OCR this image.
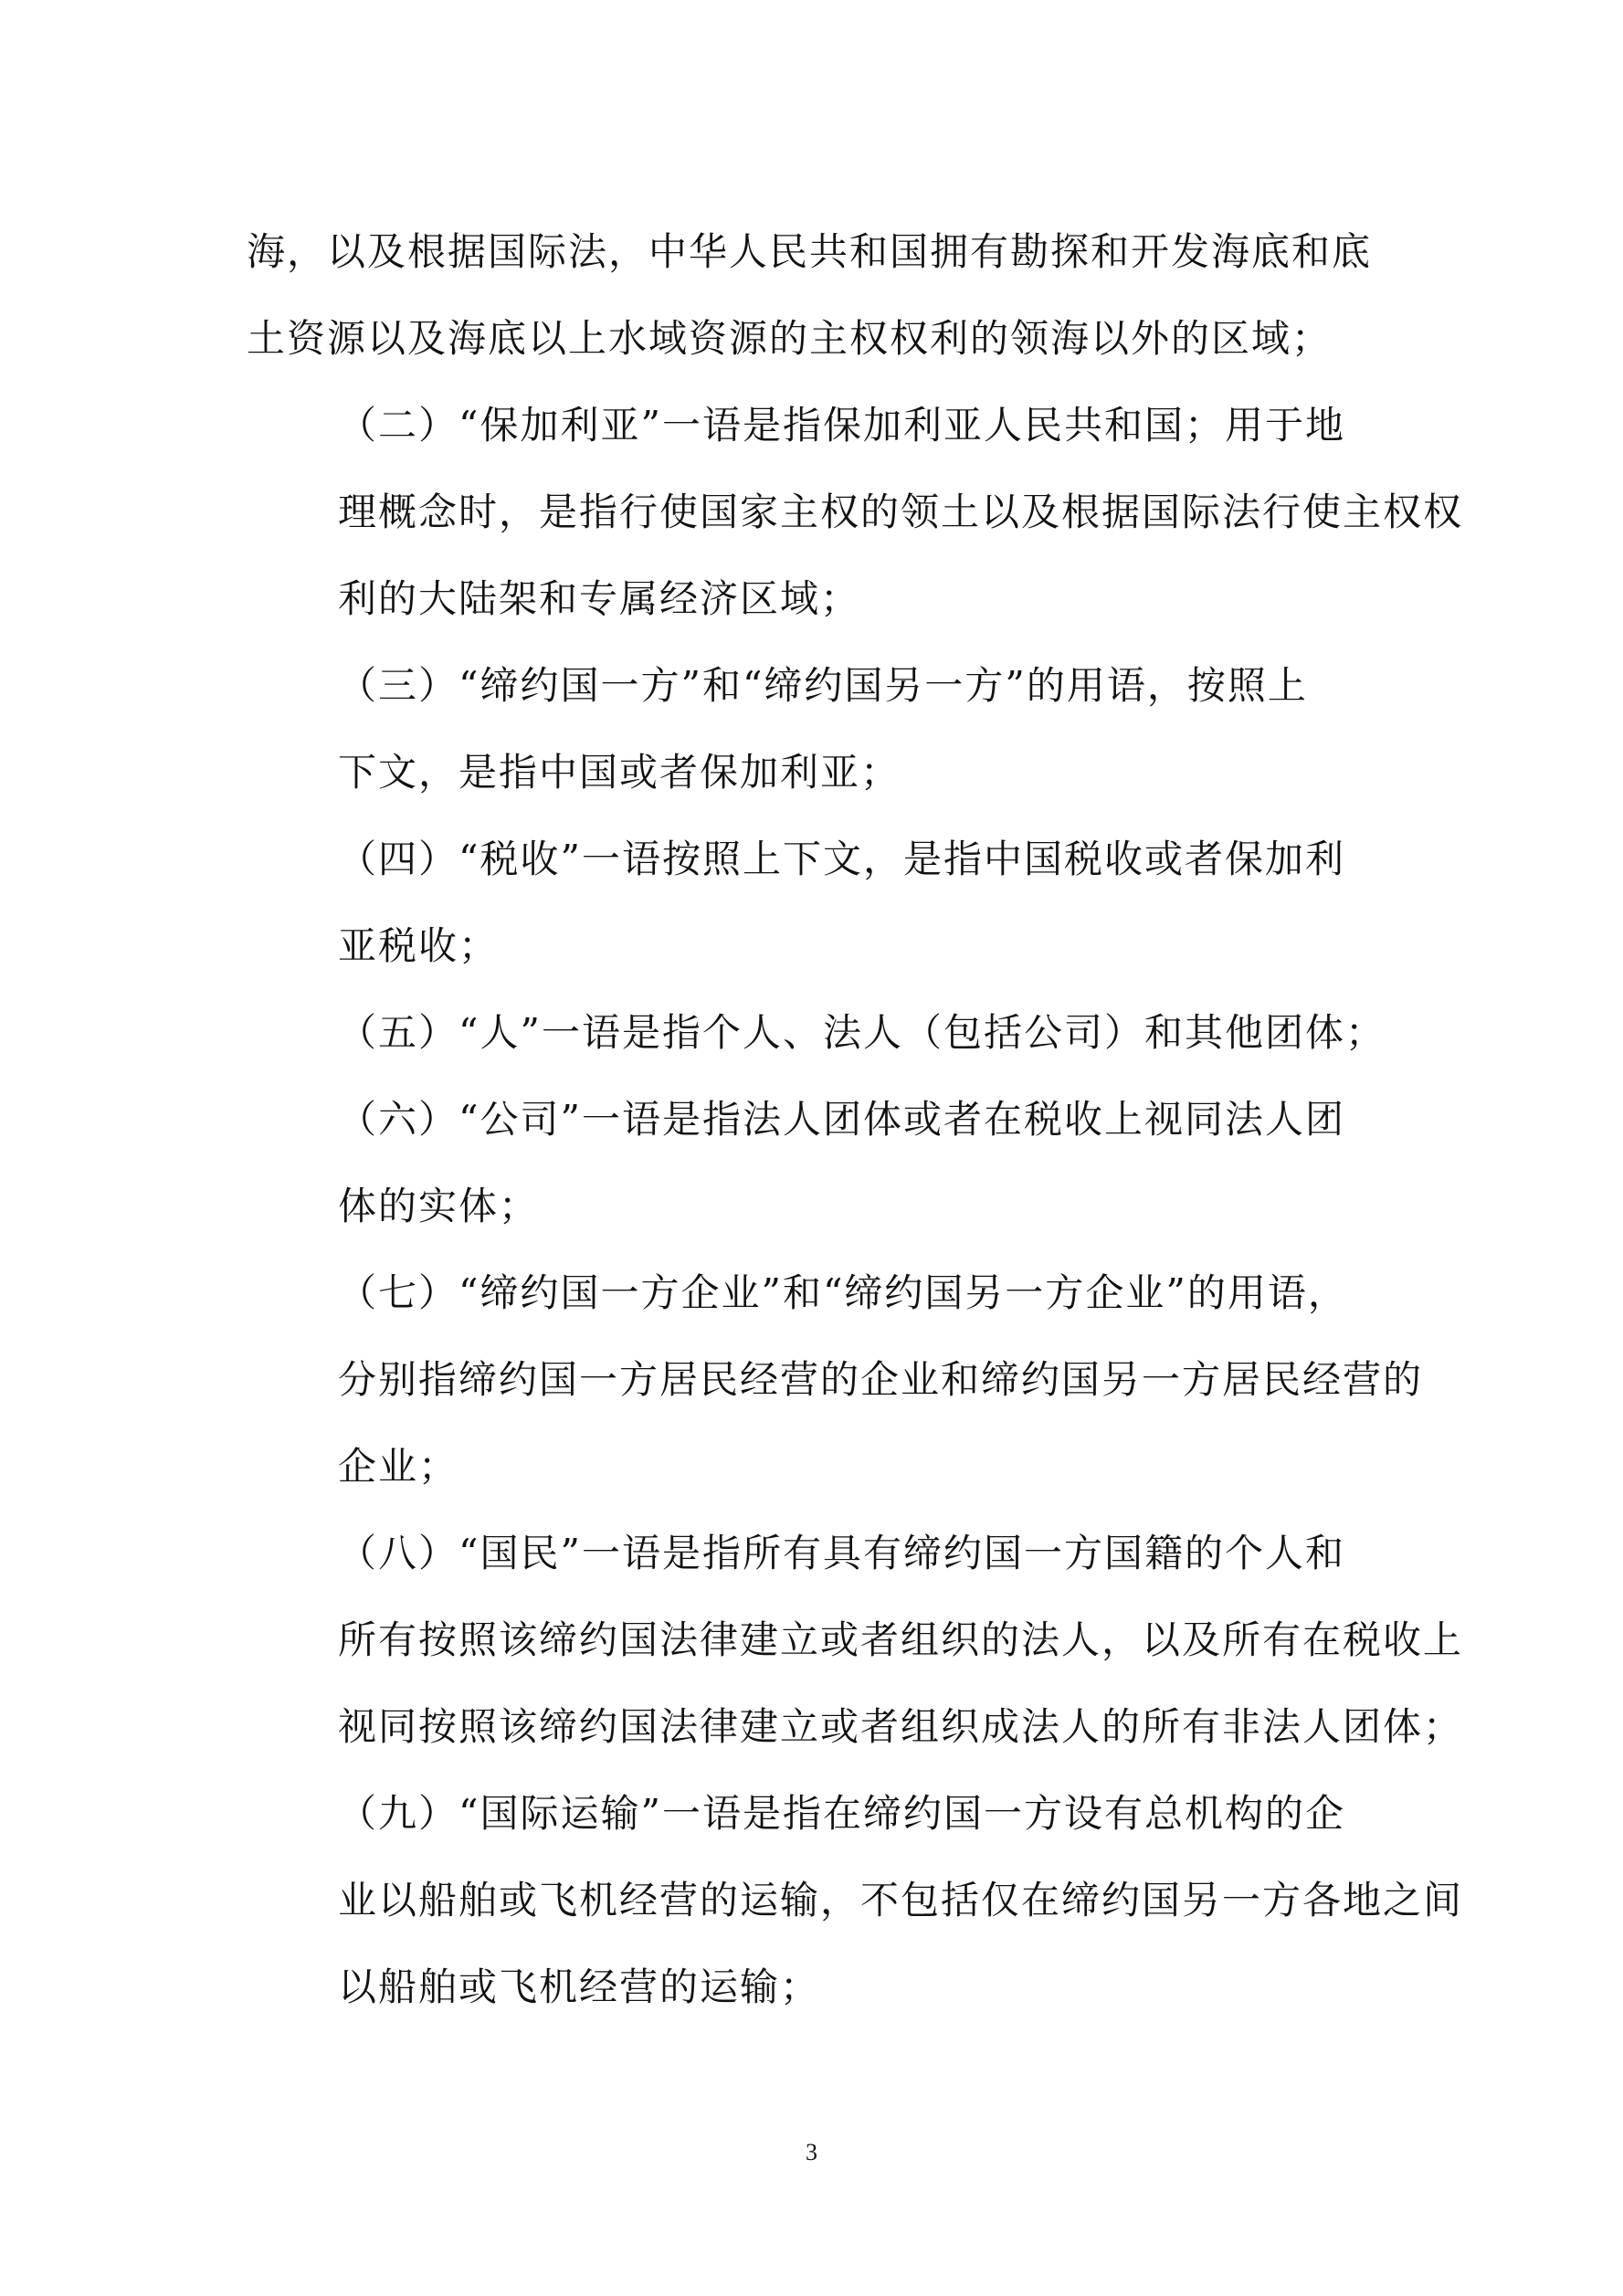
海，以及根据国际法，中华人民共和国拥有勘探和开发海底和底
土资源以及海底以上水域资源的主权权利的领海以外的区域；

（二）“保加利亚”一语是指保加利亚人民共和国；用于地
理概念时，是指行使国家主权的领土以及根据国际法行使主权权
利的大陆架和专属经济区域；

（三）“缔约国一方”和“缔约国另一方”的用语，按照上
下文，是指中国或者保加利亚；

（四）“税收”一语按照上下文，是指中国税收或者保加利
亚税收；

（五）“人”一语是指个人、法人（包括公司）和其他团体；

（六）“公司”一语是指法人团体或者在税收上视同法人团
体的实体；

（七）“缔约国一方企业”和“缔约国另一方企业”的用语，
分别指缔约国一方居民经营的企业和缔约国另一方居民经营的
企业；

（八）“国民”一语是指所有具有缔约国一方国籍的个人和
所有按照该缔约国法律建立或者组织的法人，以及所有在税收上
视同按照该缔约国法律建立或者组织成法人的所有非法人团体；

（九）“国际运输”一语是指在缔约国一方设有总机构的企
业以船舶或飞机经营的运输，不包括仅在缔约国另一方各地之间
以船舶或飞机经营的运输；

3
